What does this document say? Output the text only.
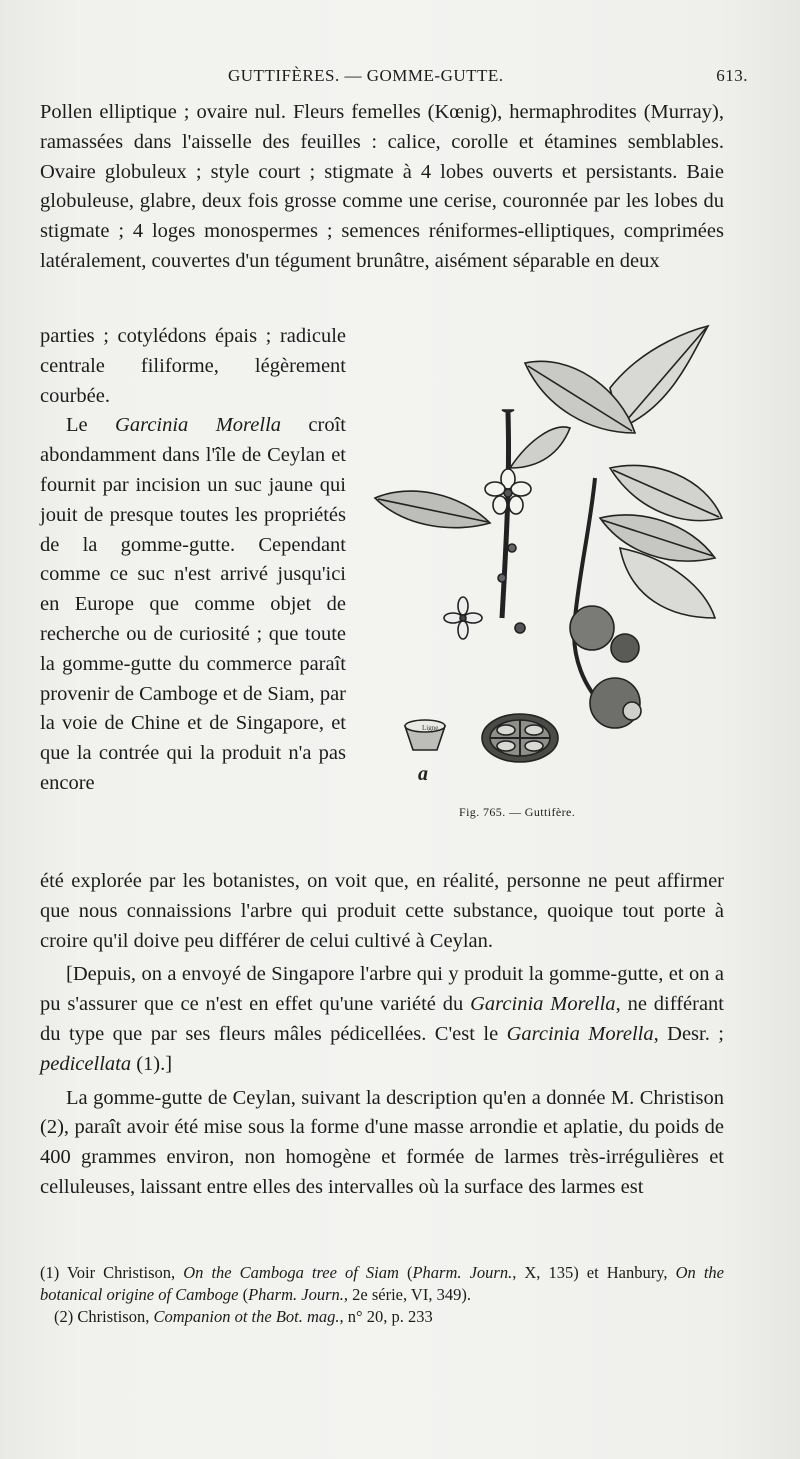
GUTTIFÈRES. — GOMME-GUTTE.	613.

Pollen elliptique ; ovaire nul. Fleurs femelles (Kœnig), hermaphrodites (Murray), ramassées dans l'aisselle des feuilles : calice, corolle et étamines semblables. Ovaire globuleux ; style court ; stigmate à 4 lobes ouverts et persistants. Baie globuleuse, glabre, deux fois grosse comme une cerise, couronnée par les lobes du stigmate ; 4 loges monospermes ; semences réniformes-elliptiques, comprimées latéralement, couvertes d'un tégument brunâtre, aisément séparable en deux

parties ; cotylédons épais ; radicule centrale filiforme, légèrement courbée.

Le Garcinia Morella croît abondamment dans l'île de Ceylan et fournit par incision un suc jaune qui jouit de presque toutes les propriétés de la gomme-gutte. Cependant comme ce suc n'est arrivé jusqu'ici en Europe que comme objet de recherche ou de curiosité ; que toute la gomme-gutte du commerce paraît provenir de Camboge et de Siam, par la voie de Chine et de Singapore, et que la contrée qui la produit n'a pas encore

été explorée par les botanistes, on voit que, en réalité, personne ne peut affirmer que nous connaissions l'arbre qui produit cette substance, quoique tout porte à croire qu'il doive peu différer de celui cultivé à Ceylan.

[Depuis, on a envoyé de Singapore l'arbre qui y produit la gomme-gutte, et on a pu s'assurer que ce n'est en effet qu'une variété du Garcinia Morella, ne différant du type que par ses fleurs mâles pédicellées. C'est le Garcinia Morella, Desr. ; pedicellata (1).]

La gomme-gutte de Ceylan, suivant la description qu'en a donnée M. Christison (2), paraît avoir été mise sous la forme d'une masse arrondie et aplatie, du poids de 400 grammes environ, non homogène et formée de larmes très-irrégulières et celluleuses, laissant entre elles des intervalles où la surface des larmes est

Ligne
a
Fig. 765. — Guttifère.

(1) Voir Christison, On the Camboga tree of Siam (Pharm. Journ., X, 135) et Hanbury, On the botanical origine of Camboge (Pharm. Journ., 2e série, VI, 349).

(2) Christison, Companion ot the Bot. mag., n° 20, p. 233
